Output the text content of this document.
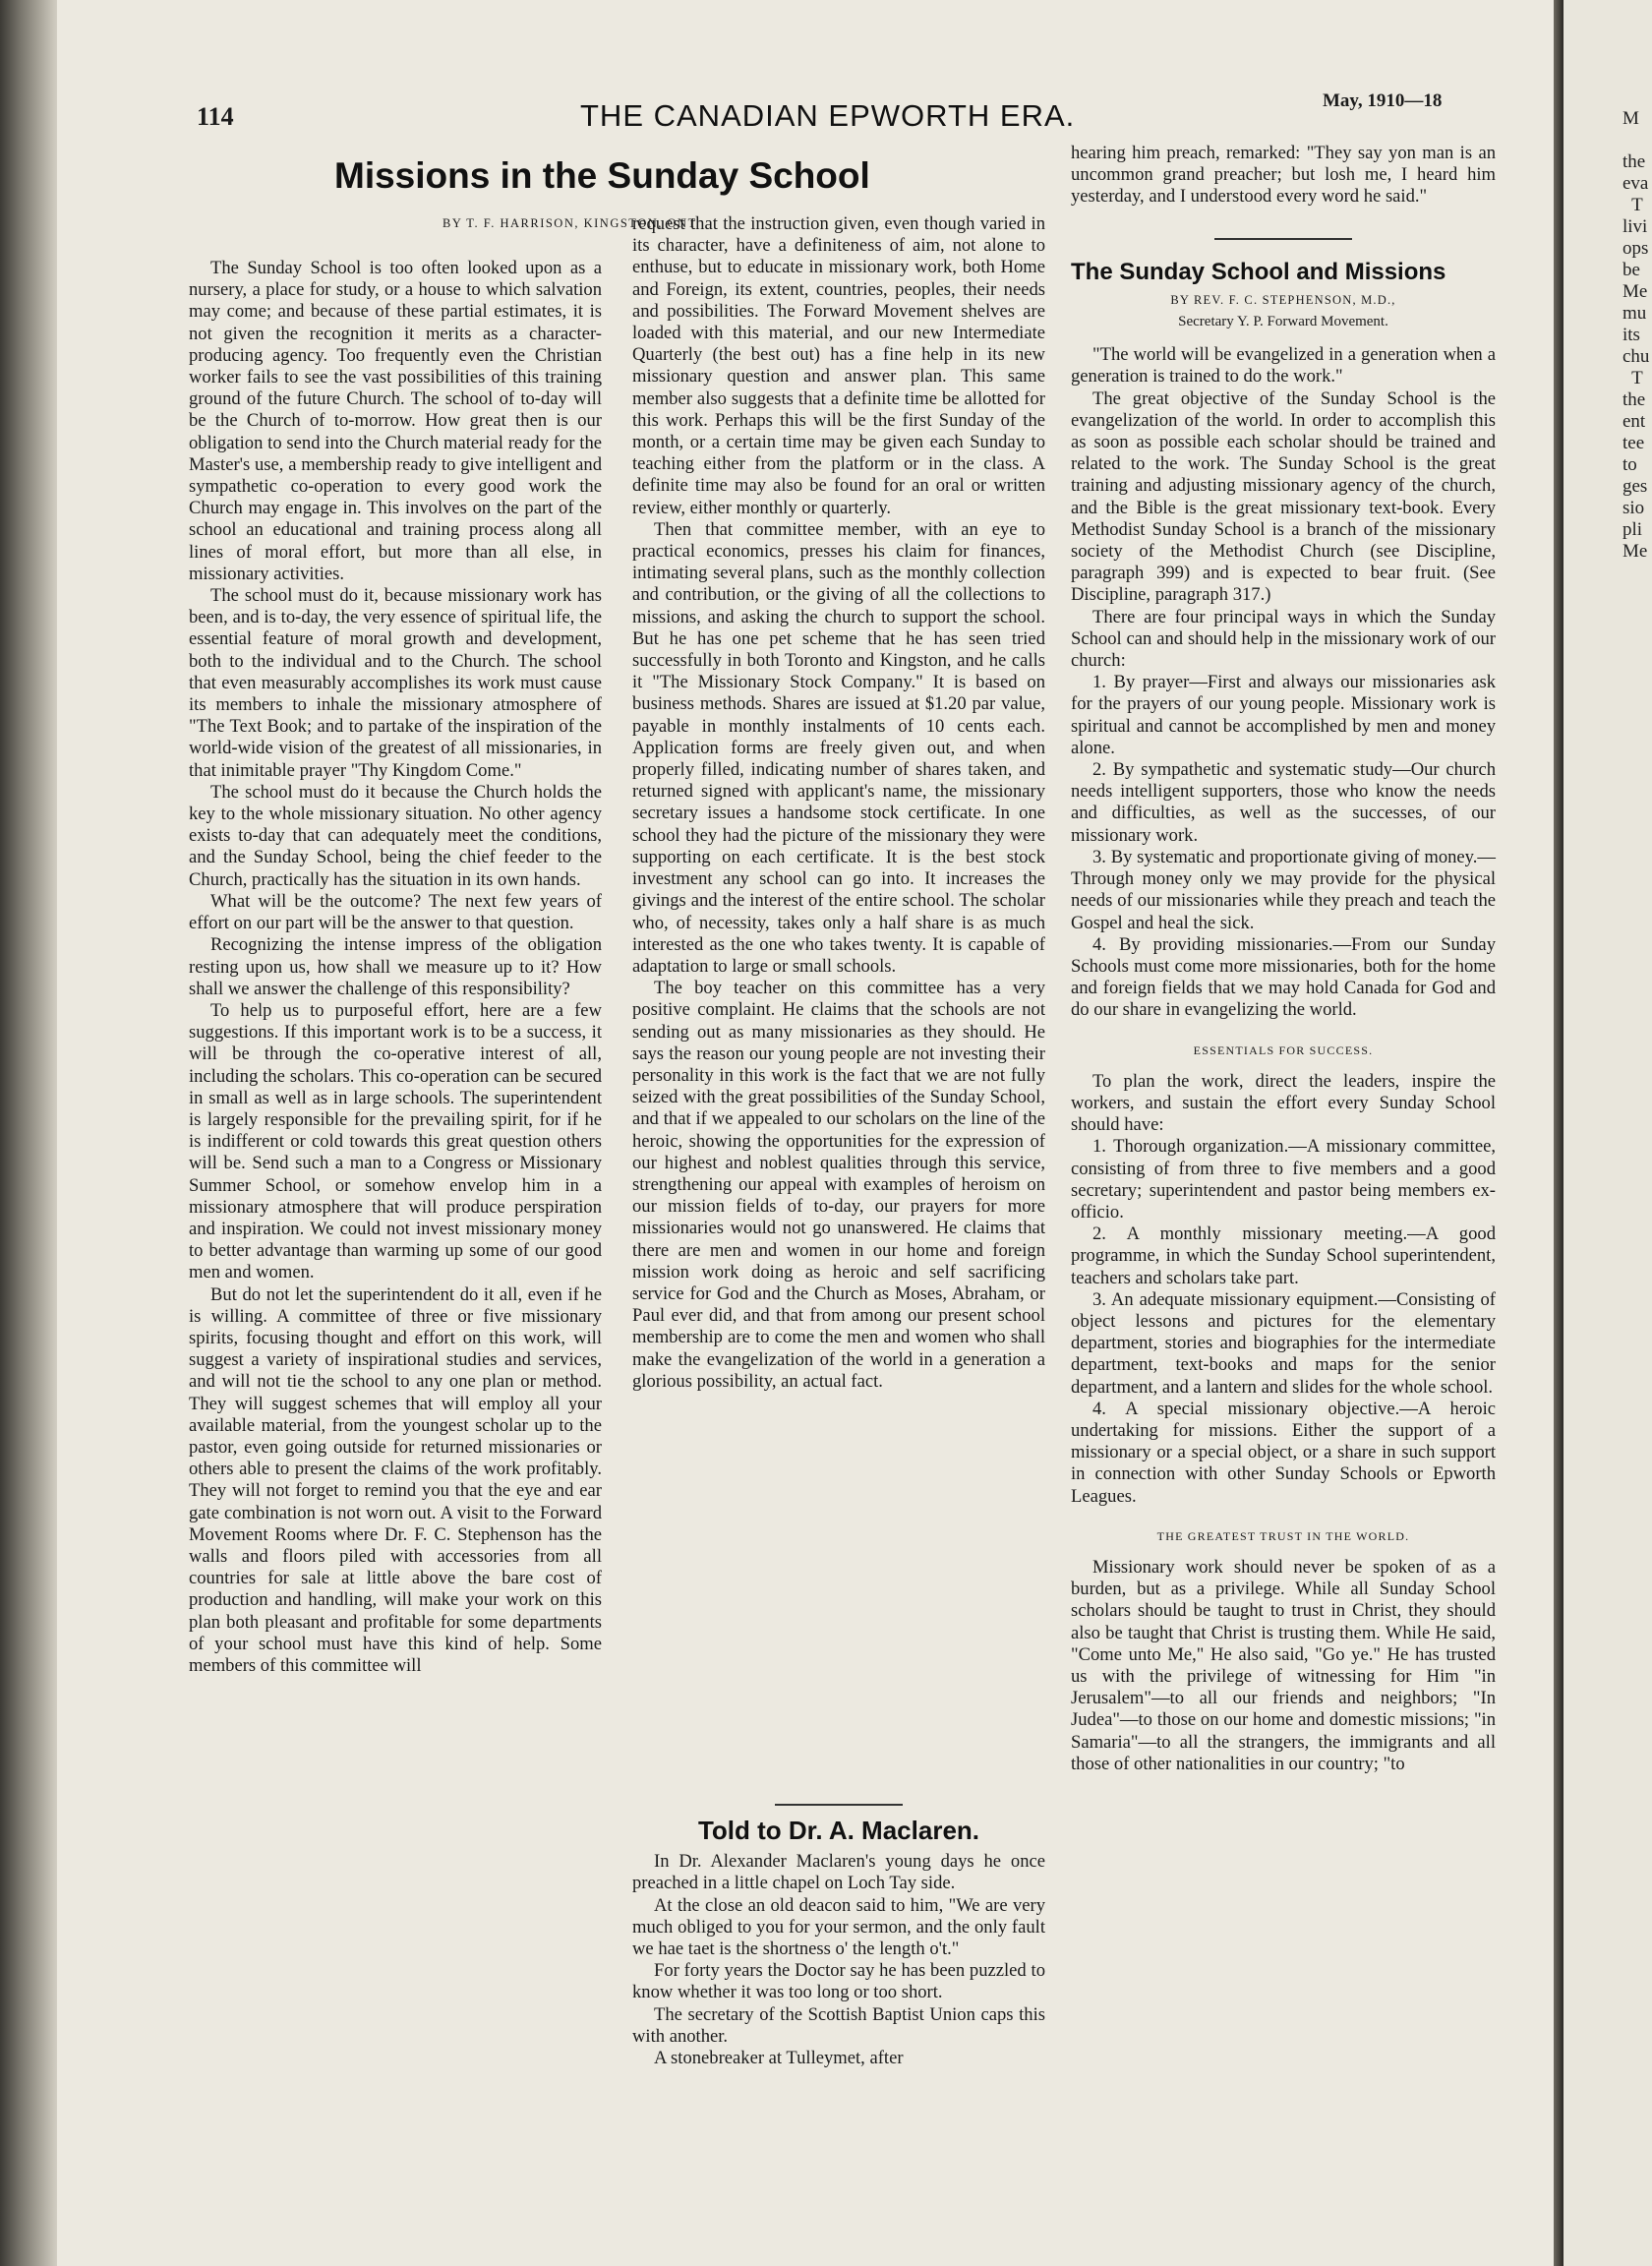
M

the
eva
T
livi
ops
be
Me
mu
its
chu
T
the
ent
tee
to
ges
sio
pli
Me
114	THE CANADIAN EPWORTH ERA.	May, 1910—18
Missions in the Sunday School
BY T. F. HARRISON, KINGSTON, ONT.

The Sunday School is too often looked upon as a nursery, a place for study, or a house to which salvation may come; and because of these partial estimates, it is not given the recognition it merits as a character-producing agency. Too frequently even the Christian worker fails to see the vast possibilities of this training ground of the future Church. The school of to-day will be the Church of to-morrow. How great then is our obligation to send into the Church material ready for the Master's use, a membership ready to give intelligent and sympathetic co-operation to every good work the Church may engage in. This involves on the part of the school an educational and training process along all lines of moral effort, but more than all else, in missionary activities.

The school must do it, because missionary work has been, and is to-day, the very essence of spiritual life, the essential feature of moral growth and development, both to the individual and to the Church. The school that even measurably accomplishes its work must cause its members to inhale the missionary atmosphere of "The Text Book; and to partake of the inspiration of the world-wide vision of the greatest of all missionaries, in that inimitable prayer "Thy Kingdom Come."

The school must do it because the Church holds the key to the whole missionary situation. No other agency exists to-day that can adequately meet the conditions, and the Sunday School, being the chief feeder to the Church, practically has the situation in its own hands.

What will be the outcome? The next few years of effort on our part will be the answer to that question.

Recognizing the intense impress of the obligation resting upon us, how shall we measure up to it? How shall we answer the challenge of this responsibility?

To help us to purposeful effort, here are a few suggestions. If this important work is to be a success, it will be through the co-operative interest of all, including the scholars. This co-operation can be secured in small as well as in large schools. The superintendent is largely responsible for the prevailing spirit, for if he is indifferent or cold towards this great question others will be. Send such a man to a Congress or Missionary Summer School, or somehow envelop him in a missionary atmosphere that will produce perspiration and inspiration. We could not invest missionary money to better advantage than warming up some of our good men and women.

But do not let the superintendent do it all, even if he is willing. A committee of three or five missionary spirits, focusing thought and effort on this work, will suggest a variety of inspirational studies and services, and will not tie the school to any one plan or method. They will suggest schemes that will employ all your available material, from the youngest scholar up to the pastor, even going outside for returned missionaries or others able to present the claims of the work profitably. They will not forget to remind you that the eye and ear gate combination is not worn out. A visit to the Forward Movement Rooms where Dr. F. C. Stephenson has the walls and floors piled with accessories from all countries for sale at little above the bare cost of production and handling, will make your work on this plan both pleasant and profitable for some departments of your school must have this kind of help. Some members of this committee will

request that the instruction given, even though varied in its character, have a definiteness of aim, not alone to enthuse, but to educate in missionary work, both Home and Foreign, its extent, countries, peoples, their needs and possibilities. The Forward Movement shelves are loaded with this material, and our new Intermediate Quarterly (the best out) has a fine help in its new missionary question and answer plan. This same member also suggests that a definite time be allotted for this work. Perhaps this will be the first Sunday of the month, or a certain time may be given each Sunday to teaching either from the platform or in the class. A definite time may also be found for an oral or written review, either monthly or quarterly.

Then that committee member, with an eye to practical economics, presses his claim for finances, intimating several plans, such as the monthly collection and contribution, or the giving of all the collections to missions, and asking the church to support the school. But he has one pet scheme that he has seen tried successfully in both Toronto and Kingston, and he calls it "The Missionary Stock Company." It is based on business methods. Shares are issued at $1.20 par value, payable in monthly instalments of 10 cents each. Application forms are freely given out, and when properly filled, indicating number of shares taken, and returned signed with applicant's name, the missionary secretary issues a handsome stock certificate. In one school they had the picture of the missionary they were supporting on each certificate. It is the best stock investment any school can go into. It increases the givings and the interest of the entire school. The scholar who, of necessity, takes only a half share is as much interested as the one who takes twenty. It is capable of adaptation to large or small schools.

The boy teacher on this committee has a very positive complaint. He claims that the schools are not sending out as many missionaries as they should. He says the reason our young people are not investing their personality in this work is the fact that we are not fully seized with the great possibilities of the Sunday School, and that if we appealed to our scholars on the line of the heroic, showing the opportunities for the expression of our highest and noblest qualities through this service, strengthening our appeal with examples of heroism on our mission fields of to-day, our prayers for more missionaries would not go unanswered. He claims that there are men and women in our home and foreign mission work doing as heroic and self sacrificing service for God and the Church as Moses, Abraham, or Paul ever did, and that from among our present school membership are to come the men and women who shall make the evangelization of the world in a generation a glorious possibility, an actual fact.

Told to Dr. A. Maclaren.

In Dr. Alexander Maclaren's young days he once preached in a little chapel on Loch Tay side.

At the close an old deacon said to him, "We are very much obliged to you for your sermon, and the only fault we hae taet is the shortness o' the length o't."

For forty years the Doctor say he has been puzzled to know whether it was too long or too short.

The secretary of the Scottish Baptist Union caps this with another.

A stonebreaker at Tulleymet, after

hearing him preach, remarked: "They say yon man is an uncommon grand preacher; but losh me, I heard him yesterday, and I understood every word he said."

The Sunday School and Missions
BY REV. F. C. STEPHENSON, M.D.,
Secretary Y. P. Forward Movement.

"The world will be evangelized in a generation when a generation is trained to do the work."

The great objective of the Sunday School is the evangelization of the world. In order to accomplish this as soon as possible each scholar should be trained and related to the work. The Sunday School is the great training and adjusting missionary agency of the church, and the Bible is the great missionary text-book. Every Methodist Sunday School is a branch of the missionary society of the Methodist Church (see Discipline, paragraph 399) and is expected to bear fruit. (See Discipline, paragraph 317.)

There are four principal ways in which the Sunday School can and should help in the missionary work of our church:

1. By prayer—First and always our missionaries ask for the prayers of our young people. Missionary work is spiritual and cannot be accomplished by men and money alone.

2. By sympathetic and systematic study—Our church needs intelligent supporters, those who know the needs and difficulties, as well as the successes, of our missionary work.

3. By systematic and proportionate giving of money.—Through money only we may provide for the physical needs of our missionaries while they preach and teach the Gospel and heal the sick.

4. By providing missionaries.—From our Sunday Schools must come more missionaries, both for the home and foreign fields that we may hold Canada for God and do our share in evangelizing the world.

ESSENTIALS FOR SUCCESS.

To plan the work, direct the leaders, inspire the workers, and sustain the effort every Sunday School should have:

1. Thorough organization.—A missionary committee, consisting of from three to five members and a good secretary; superintendent and pastor being members ex-officio.

2. A monthly missionary meeting.—A good programme, in which the Sunday School superintendent, teachers and scholars take part.

3. An adequate missionary equipment.—Consisting of object lessons and pictures for the elementary department, stories and biographies for the intermediate department, text-books and maps for the senior department, and a lantern and slides for the whole school.

4. A special missionary objective.—A heroic undertaking for missions. Either the support of a missionary or a special object, or a share in such support in connection with other Sunday Schools or Epworth Leagues.

THE GREATEST TRUST IN THE WORLD.

Missionary work should never be spoken of as a burden, but as a privilege. While all Sunday School scholars should be taught to trust in Christ, they should also be taught that Christ is trusting them. While He said, "Come unto Me," He also said, "Go ye." He has trusted us with the privilege of witnessing for Him "in Jerusalem"—to all our friends and neighbors; "In Judea"—to those on our home and domestic missions; "in Samaria"—to all the strangers, the immigrants and all those of other nationalities in our country; "to
